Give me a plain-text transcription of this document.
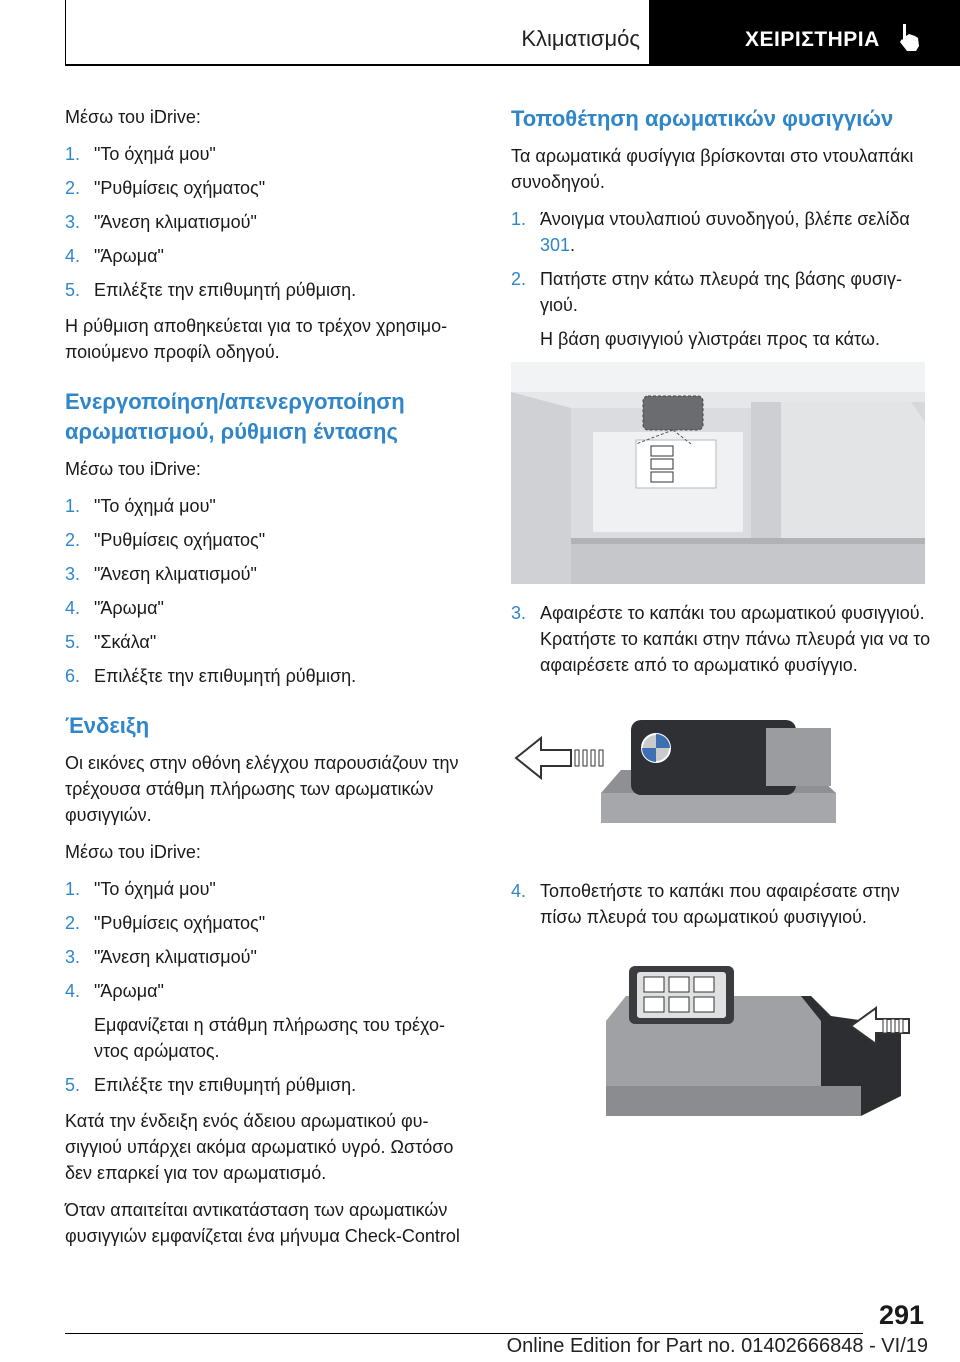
Κλιματισμός	ΧΕΙΡΙΣΤΗΡΙΑ

Μέσω του iDrive:

1. "Το όχημά μου"
2. "Ρυθμίσεις οχήματος"
3. "Άνεση κλιματισμού"
4. "Άρωμα"
5. Επιλέξτε την επιθυμητή ρύθμιση.

Η ρύθμιση αποθηκεύεται για το τρέχον χρησιμοποιούμενο προφίλ οδηγού.

Ενεργοποίηση/απενεργοποίηση αρωματισμού, ρύθμιση έντασης

Μέσω του iDrive:

1. "Το όχημά μου"
2. "Ρυθμίσεις οχήματος"
3. "Άνεση κλιματισμού"
4. "Άρωμα"
5. "Σκάλα"
6. Επιλέξτε την επιθυμητή ρύθμιση.
Ένδειξη

Οι εικόνες στην οθόνη ελέγχου παρουσιάζουν την τρέχουσα στάθμη πλήρωσης των αρωματικών φυσιγγιών.

Μέσω του iDrive:

1. "Το όχημά μου"
2. "Ρυθμίσεις οχήματος"
3. "Άνεση κλιματισμού"
4. "Άρωμα"
Εμφανίζεται η στάθμη πλήρωσης του τρέχοντος αρώματος.
5. Επιλέξτε την επιθυμητή ρύθμιση.

Κατά την ένδειξη ενός άδειου αρωματικού φυσιγγιού υπάρχει ακόμα αρωματικό υγρό. Ωστόσο δεν επαρκεί για τον αρωματισμό.

Όταν απαιτείται αντικατάσταση των αρωματικών φυσιγγιών εμφανίζεται ένα μήνυμα Check-Control

Τοποθέτηση αρωματικών φυσιγγιών

Τα αρωματικά φυσίγγια βρίσκονται στο ντουλαπάκι συνοδηγού.

1. Άνοιγμα ντουλαπιού συνοδηγού, βλέπε σελίδα 301.
2. Πατήστε στην κάτω πλευρά της βάσης φυσιγγιού.
Η βάση φυσιγγιού γλιστράει προς τα κάτω.
3. Αφαιρέστε το καπάκι του αρωματικού φυσιγγιού. Κρατήστε το καπάκι στην πάνω πλευρά για να το αφαιρέσετε από το αρωματικό φυσίγγιο.
4. Τοποθετήστε το καπάκι που αφαιρέσατε στην πίσω πλευρά του αρωματικού φυσιγγιού.
291
Online Edition for Part no. 01402666848 - VI/19
